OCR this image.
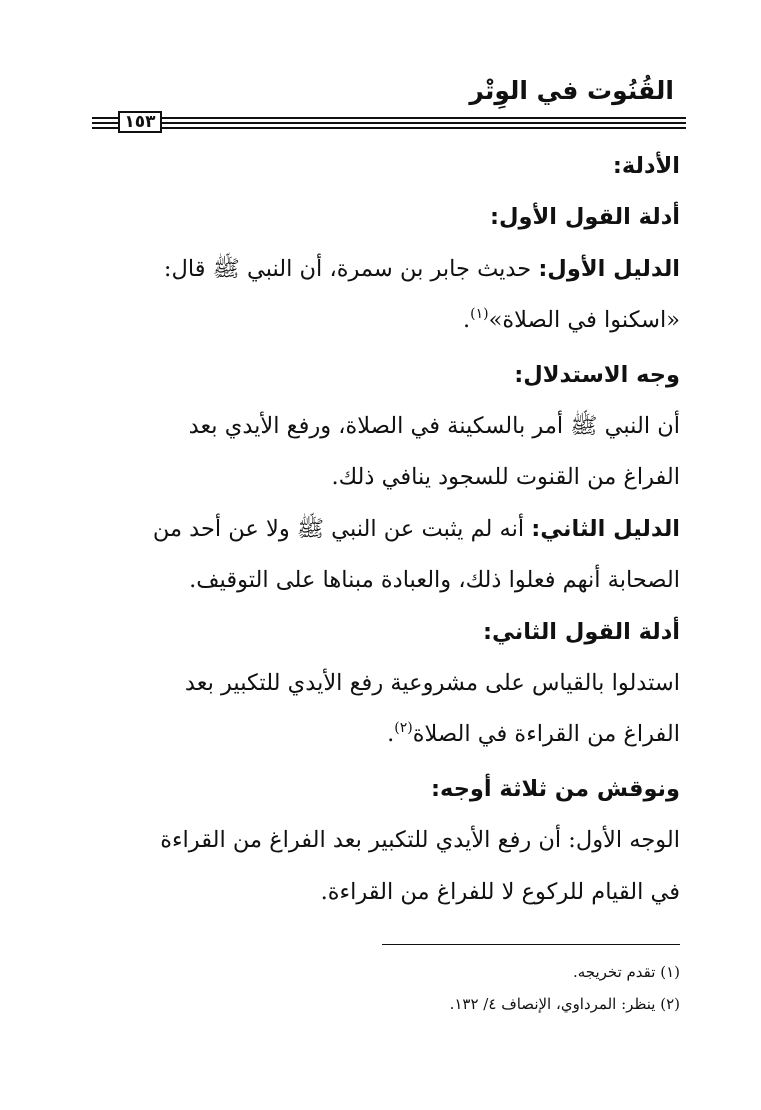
القُنُوت في الوِتْر
١٥٣

الأدلة:

أدلة القول الأول:

الدليل الأول: حديث جابر بن سمرة، أن النبي ﷺ قال:

«اسكنوا في الصلاة»$^{(١)}$.

وجه الاستدلال:

أن النبي ﷺ أمر بالسكينة في الصلاة، ورفع الأيدي بعد

الفراغ من القنوت للسجود ينافي ذلك.

الدليل الثاني: أنه لم يثبت عن النبي ﷺ ولا عن أحد من

الصحابة أنهم فعلوا ذلك، والعبادة مبناها على التوقيف.

أدلة القول الثاني:

استدلوا بالقياس على مشروعية رفع الأيدي للتكبير بعد

الفراغ من القراءة في الصلاة$^{(٢)}$.

ونوقش من ثلاثة أوجه:

الوجه الأول: أن رفع الأيدي للتكبير بعد الفراغ من القراءة

في القيام للركوع لا للفراغ من القراءة.

(١) تقدم تخريجه.

(٢) ينظر: المرداوي، الإنصاف ٤/ ١٣٢.
